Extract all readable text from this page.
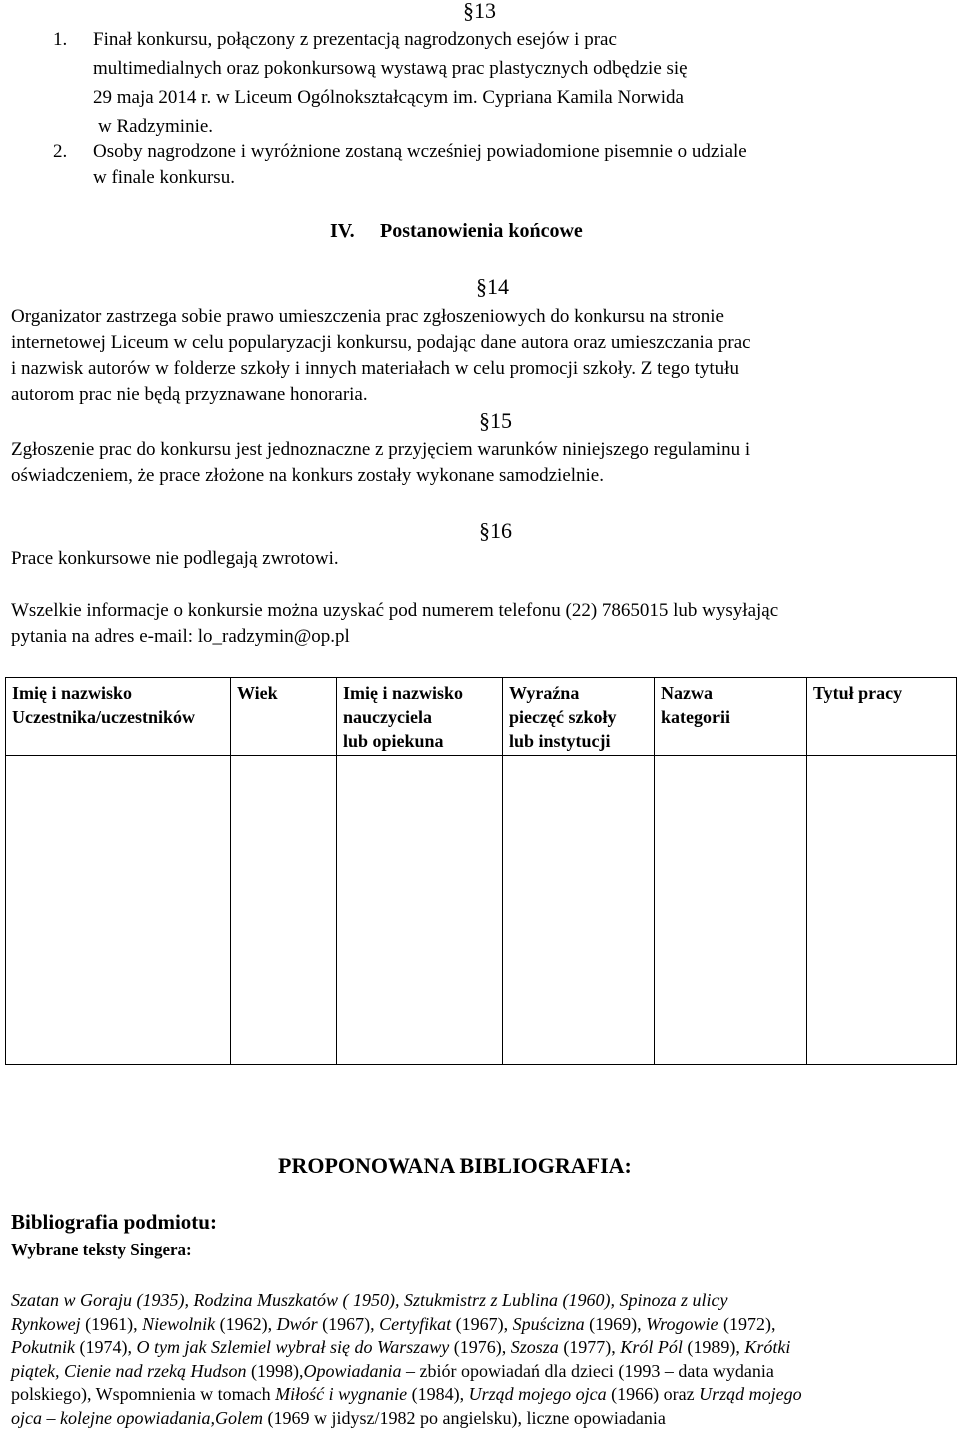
§13
1. Finał konkursu, połączony z prezentacją nagrodzonych esejów i prac
multimedialnych oraz pokonkursową wystawą prac plastycznych odbędzie się
29 maja 2014 r. w Liceum Ogólnokształcącym im. Cypriana Kamila Norwida
w Radzyminie.
2. Osoby nagrodzone i wyróżnione zostaną wcześniej powiadomione pisemnie o udziale
w finale konkursu.
IV. Postanowienia końcowe
§14
Organizator zastrzega sobie prawo umieszczenia prac zgłoszeniowych do konkursu na stronie
internetowej Liceum w celu popularyzacji konkursu, podając dane autora oraz umieszczania prac
i nazwisk autorów w folderze szkoły i innych materiałach w celu promocji szkoły. Z tego tytułu
autorom prac nie będą przyznawane honoraria.
§15
Zgłoszenie prac do konkursu jest jednoznaczne z przyjęciem warunków niniejszego regulaminu i
oświadczeniem, że prace złożone na konkurs zostały wykonane samodzielnie.
§16
Prace konkursowe nie podlegają zwrotowi.
Wszelkie informacje o konkursie można uzyskać pod numerem telefonu (22) 7865015 lub wysyłając
pytania na adres e-mail: lo_radzymin@op.pl
Imię i nazwisko
Uczestnika/uczestników	Wiek	Imię i nazwisko
nauczyciela
lub opiekuna	Wyraźna
pieczęć szkoły
lub instytucji	Nazwa
kategorii	Tytuł pracy

PROPONOWANA BIBLIOGRAFIA:
Bibliografia podmiotu:
Wybrane teksty Singera:
Szatan w Goraju (1935), Rodzina Muszkatów ( 1950), Sztukmistrz z Lublina (1960), Spinoza z ulicy
Rynkowej (1961), Niewolnik (1962), Dwór (1967), Certyfikat (1967), Spuścizna (1969), Wrogowie (1972),
Pokutnik (1974), O tym jak Szlemiel wybrał się do Warszawy (1976), Szosza (1977), Król Pól (1989), Krótki
piątek, Cienie nad rzeką Hudson (1998),Opowiadania – zbiór opowiadań dla dzieci (1993 – data wydania
polskiego), Wspomnienia w tomach Miłość i wygnanie (1984), Urząd mojego ojca (1966) oraz Urząd mojego
ojca – kolejne opowiadania,Golem (1969 w jidysz/1982 po angielsku), liczne opowiadania
